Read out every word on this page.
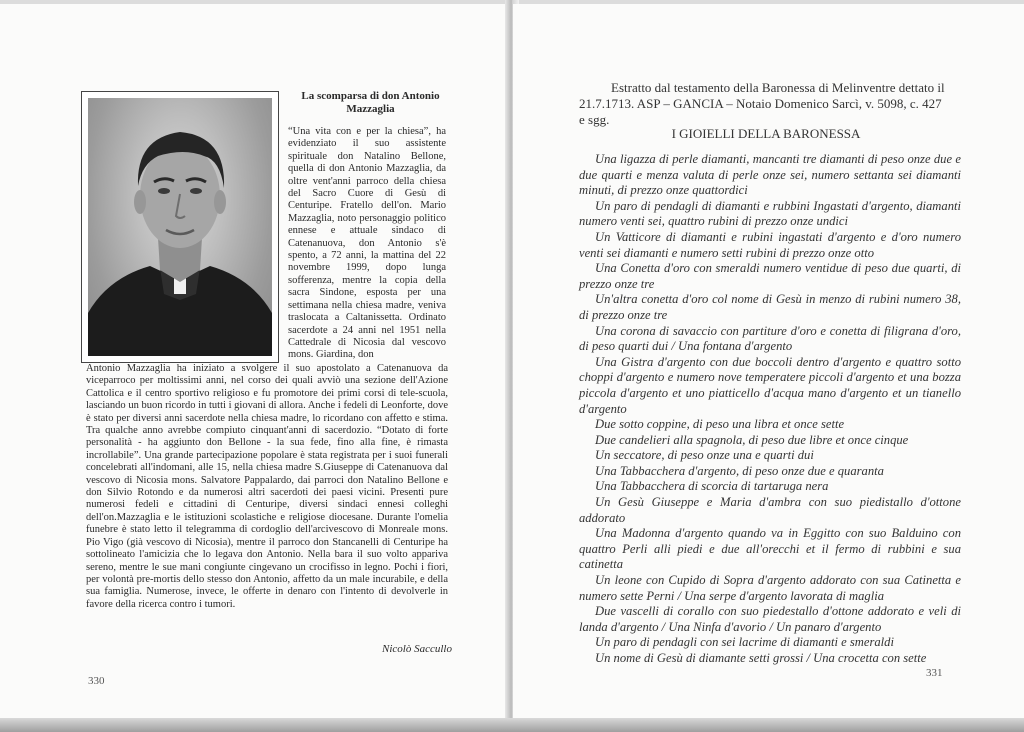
La scomparsa di don Antonio Mazzaglia
“Una vita con e per la chiesa”, ha evidenziato il suo assistente spirituale don Natalino Bellone, quella di don Antonio Mazzaglia, da oltre vent'anni parroco della chiesa del Sacro Cuore di Gesù di Centuripe. Fratello dell'on. Mario Mazzaglia, noto personaggio politico ennese e attuale sindaco di Catenanuova, don Antonio s'è spento, a 72 anni, la mattina del 22 novembre 1999, dopo lunga sofferenza, mentre la copia della sacra Sindone, esposta per una settimana nella chiesa madre, veniva traslocata a Caltanissetta. Ordinato sacerdote a 24 anni nel 1951 nella Cattedrale di Nicosia dal vescovo mons. Giardina, don
Antonio Mazzaglia ha iniziato a svolgere il suo apostolato a Catenanuova da viceparroco per moltissimi anni, nel corso dei quali avviò una sezione dell'Azione Cattolica e il centro sportivo religioso e fu promotore dei primi corsi di tele-scuola, lasciando un buon ricordo in tutti i giovani di allora. Anche i fedeli di Leonforte, dove è stato per diversi anni sacerdote nella chiesa madre, lo ricordano con affetto e stima. Tra qualche anno avrebbe compiuto cinquant'anni di sacerdozio. “Dotato di forte personalità - ha aggiunto don Bellone - la sua fede, fino alla fine, è rimasta incrollabile”. Una grande partecipazione popolare è stata registrata per i suoi funerali concelebrati all'indomani, alle 15, nella chiesa madre S.Giuseppe di Catenanuova dal vescovo di Nicosia mons. Salvatore Pappalardo, dai parroci don Natalino Bellone e don Silvio Rotondo e da numerosi altri sacerdoti dei paesi vicini. Presenti pure numerosi fedeli e cittadini di Centuripe, diversi sindaci ennesi colleghi dell'on.Mazzaglia e le istituzioni scolastiche e religiose diocesane. Durante l'omelia funebre è stato letto il telegramma di cordoglio dell'arcivescovo di Monreale mons. Pio Vigo (già vescovo di Nicosia), mentre il parroco don Stancanelli di Centuripe ha sottolineato l'amicizia che lo legava don Antonio. Nella bara il suo volto appariva sereno, mentre le sue mani congiunte cingevano un crocifisso in legno. Pochi i fiori, per volontà pre-mortis dello stesso don Antonio, affetto da un male incurabile, e della sua famiglia. Numerose, invece, le offerte in denaro con l'intento di devolverle in favore della ricerca contro i tumori.
Nicolò Saccullo
330

Estratto dal testamento della Baronessa di Melinventre dettato il

21.7.1713. ASP – GANCIA – Notaio Domenico Sarcì, v. 5098, c. 427

e sgg.

I GIOIELLI DELLA BARONESSA

Una ligazza di perle diamanti, mancanti tre diamanti di peso onze due e due quarti e menza valuta di perle onze sei, numero settanta sei diamanti minuti, di prezzo onze quattordici

Un paro di pendagli di diamanti e rubbini Ingastati d'argento, diamanti numero venti sei, quattro rubini di prezzo onze undici

Un Vatticore di diamanti e rubini ingastati d'argento e d'oro numero venti sei diamanti e numero setti rubini di prezzo onze otto

Una Conetta d'oro con smeraldi numero ventidue di peso due quarti, di prezzo onze tre

Un'altra conetta d'oro col nome di Gesù in menzo di rubini numero 38, di prezzo onze tre

Una corona di savaccio con partiture d'oro e conetta di filigrana d'oro, di peso quarti dui / Una fontana d'argento

Una Gistra d'argento con due boccoli dentro d'argento e quattro sotto choppi d'argento e numero nove temperatere piccoli d'argento et una bozza piccola d'argento et uno piatticello d'acqua mano d'argento et un tianello d'argento

Due sotto coppine, di peso una libra et once sette

Due candelieri alla spagnola, di peso due libre et once cinque

Un seccatore, di peso onze una e quarti dui

Una Tabbacchera d'argento, di peso onze due e quaranta

Una Tabbacchera di scorcia di tartaruga nera

Un Gesù Giuseppe e Maria d'ambra con suo piedistallo d'ottone addorato

Una Madonna d'argento quando va in Eggitto con suo Balduino con quattro Perli alli piedi e due all'orecchi et il fermo di rubbini e sua catinetta

Un leone con Cupido di Sopra d'argento addorato con sua Catinetta e numero sette Perni / Una serpe d'argento lavorata di maglia

Due vascelli di corallo con suo piedestallo d'ottone addorato e veli di landa d'argento / Una Ninfa d'avorio / Un panaro d'argento

Un paro di pendagli con sei lacrime di diamanti e smeraldi

Un nome di Gesù di diamante setti grossi / Una crocetta con sette

331
